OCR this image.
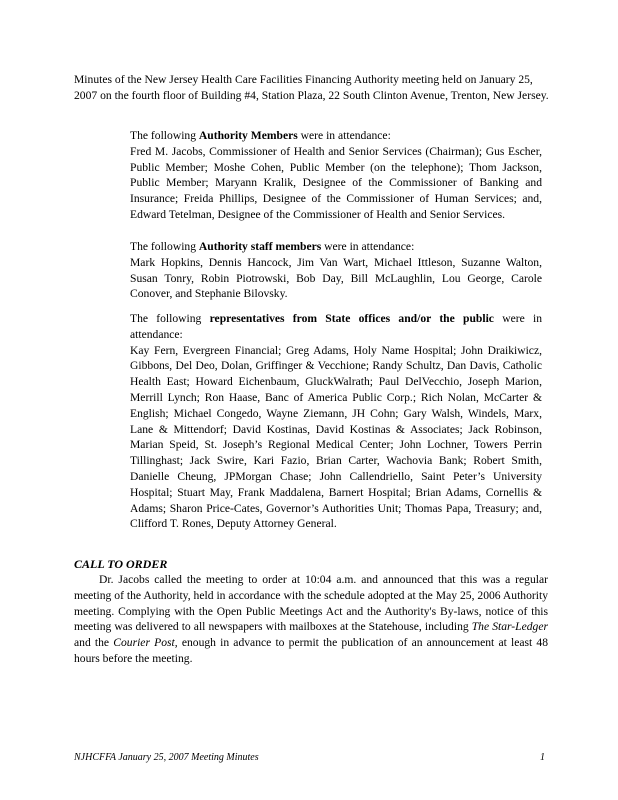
Minutes of the New Jersey Health Care Facilities Financing Authority meeting held on January 25, 2007 on the fourth floor of Building #4, Station Plaza, 22 South Clinton Avenue, Trenton, New Jersey.

The following Authority Members were in attendance:

Fred M. Jacobs, Commissioner of Health and Senior Services (Chairman); Gus Escher, Public Member; Moshe Cohen, Public Member (on the telephone); Thom Jackson, Public Member; Maryann Kralik, Designee of the Commissioner of Banking and Insurance; Freida Phillips, Designee of the Commissioner of Human Services; and, Edward Tetelman, Designee of the Commissioner of Health and Senior Services.

The following Authority staff members were in attendance:

Mark Hopkins, Dennis Hancock, Jim Van Wart, Michael Ittleson, Suzanne Walton, Susan Tonry, Robin Piotrowski, Bob Day, Bill McLaughlin, Lou George, Carole Conover, and Stephanie Bilovsky.

The following representatives from State offices and/or the public were in attendance:

Kay Fern, Evergreen Financial; Greg Adams, Holy Name Hospital; John Draikiwicz, Gibbons, Del Deo, Dolan, Griffinger & Vecchione; Randy Schultz, Dan Davis, Catholic Health East; Howard Eichenbaum, GluckWalrath; Paul DelVecchio, Joseph Marion, Merrill Lynch; Ron Haase, Banc of America Public Corp.; Rich Nolan, McCarter & English; Michael Congedo, Wayne Ziemann, JH Cohn; Gary Walsh, Windels, Marx, Lane & Mittendorf; David Kostinas, David Kostinas & Associates; Jack Robinson, Marian Speid, St. Joseph’s Regional Medical Center; John Lochner, Towers Perrin Tillinghast; Jack Swire, Kari Fazio, Brian Carter, Wachovia Bank; Robert Smith, Danielle Cheung, JPMorgan Chase; John Callendriello, Saint Peter’s University Hospital; Stuart May, Frank Maddalena, Barnert Hospital; Brian Adams, Cornellis & Adams; Sharon Price-Cates, Governor’s Authorities Unit; Thomas Papa, Treasury; and, Clifford T. Rones, Deputy Attorney General.

CALL TO ORDER

Dr. Jacobs called the meeting to order at 10:04 a.m. and announced that this was a regular meeting of the Authority, held in accordance with the schedule adopted at the May 25, 2006 Authority meeting. Complying with the Open Public Meetings Act and the Authority's By-laws, notice of this meeting was delivered to all newspapers with mailboxes at the Statehouse, including The Star-Ledger and the Courier Post, enough in advance to permit the publication of an announcement at least 48 hours before the meeting.

NJHCFFA January 25, 2007 Meeting Minutes	1
